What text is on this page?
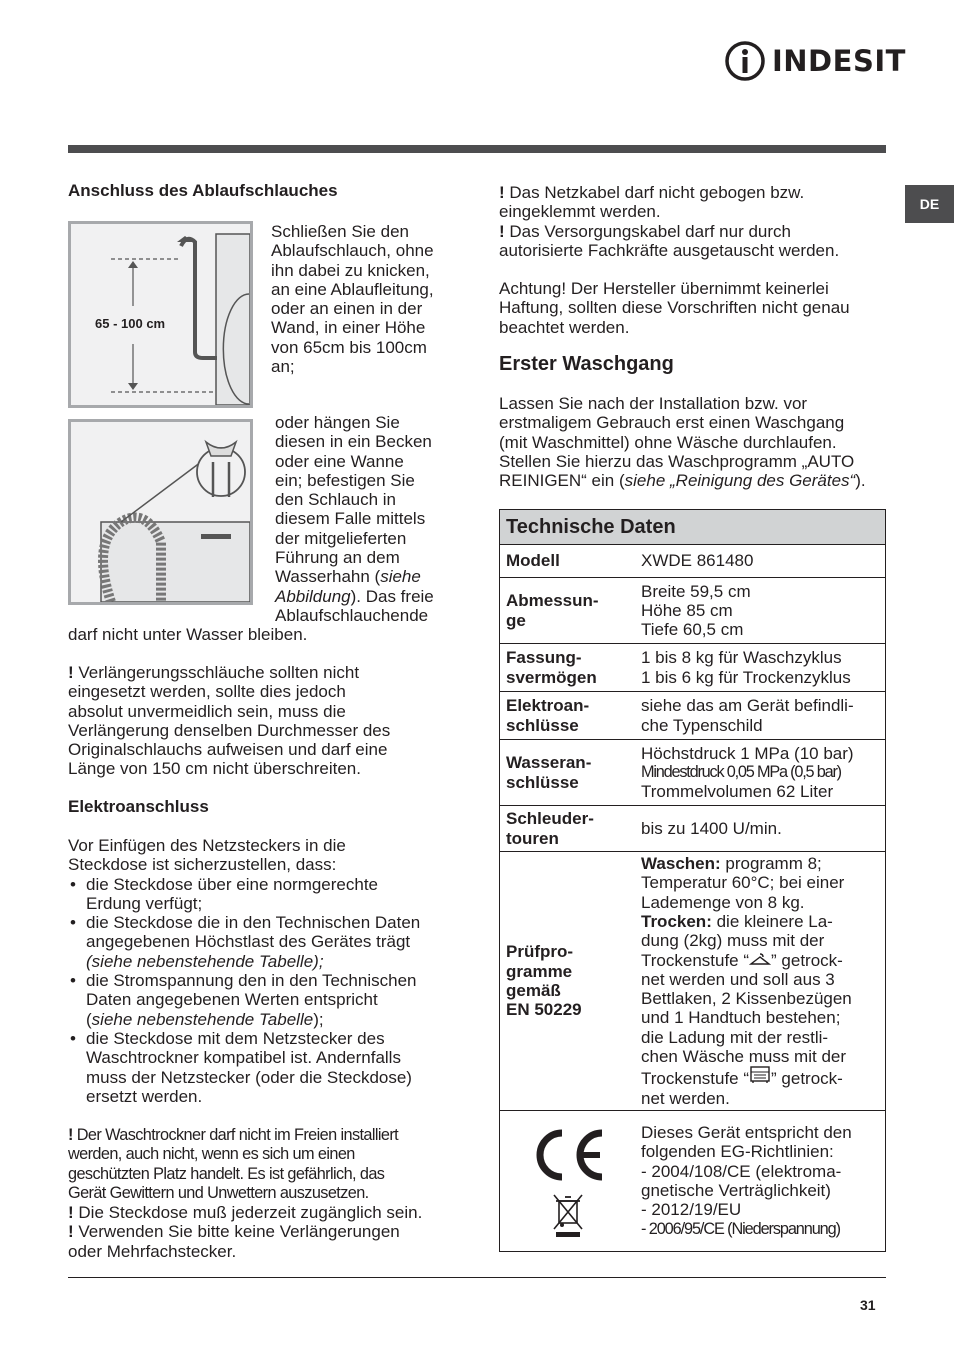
INDESIT
DE
Anschluss des Ablaufschlauches
65 - 100 cm
Schließen Sie den
Ablaufschlauch, ohne
ihn dabei zu knicken,
an eine Ablaufleitung,
oder an einen in der
Wand, in einer Höhe
von 65cm bis 100cm
an;
oder hängen Sie
diesen in ein Becken
oder eine Wanne
ein; befestigen Sie
den Schlauch in
diesem Falle mittels
der mitgelieferten
Führung an dem
Wasserhahn (siehe
Abbildung). Das freie
Ablaufschlauchende
darf nicht unter Wasser bleiben.
! Verlängerungsschläuche sollten nicht
eingesetzt werden, sollte dies jedoch
absolut unvermeidlich sein, muss die
Verlängerung denselben Durchmesser des
Originalschlauchs aufweisen und darf eine
Länge von 150 cm nicht überschreiten.
Elektroanschluss
Vor Einfügen des Netzsteckers in die
Steckdose ist sicherzustellen, dass:
• die Steckdose über eine normgerechte
Erdung verfügt;
• die Steckdose die in den Technischen Daten
angegebenen Höchstlast des Gerätes trägt
(siehe nebenstehende Tabelle);
• die Stromspannung den in den Technischen
Daten angegebenen Werten entspricht
(siehe nebenstehende Tabelle);
• die Steckdose mit dem Netzstecker des
Waschtrockner kompatibel ist. Andernfalls
muss der Netzstecker (oder die Steckdose)
ersetzt werden.
! Der Waschtrockner darf nicht im Freien installiert
werden, auch nicht, wenn es sich um einen
geschützten Platz handelt. Es ist gefährlich, das
Gerät Gewittern und Unwettern auszusetzen.
! Die Steckdose muß jederzeit zugänglich sein.
! Verwenden Sie bitte keine Verlängerungen
oder Mehrfachstecker.
! Das Netzkabel darf nicht gebogen bzw.
eingeklemmt werden.
! Das Versorgungskabel darf nur durch
autorisierte Fachkräfte ausgetauscht werden.
Achtung! Der Hersteller übernimmt keinerlei
Haftung, sollten diese Vorschriften nicht genau
beachtet werden.
Erster Waschgang
Lassen Sie nach der Installation bzw. vor
erstmaligem Gebrauch erst einen Waschgang
(mit Waschmittel) ohne Wäsche durchlaufen.
Stellen Sie hierzu das Waschprogramm „AUTO
REINIGEN“ ein (siehe „Reinigung des Gerätes“).
Technische Daten
Modell	XWDE 861480
Abmessun-
ge
Breite 59,5 cm
Höhe 85 cm
Tiefe 60,5 cm
Fassung-
svermögen
1 bis 8 kg für Waschzyklus
1 bis 6 kg für Trockenzyklus
Elektroan-
schlüsse
siehe das am Gerät befindli-
che Typenschild
Wasseran-
schlüsse
Höchstdruck 1 MPa (10 bar)
Mindestdruck 0,05 MPa (0,5 bar)
Trommelvolumen 62 Liter
Schleuder-
touren
bis zu 1400 U/min.
Prüfpro-
gramme
gemäß
EN 50229
Waschen: programm 8;
Temperatur 60°C; bei einer
Lademenge von 8 kg.
Trocken: die kleinere La-
dung (2kg) muss mit der
Trockenstufe “ ” getrock-
net werden und soll aus 3
Bettlaken, 2 Kissenbezügen
und 1 Handtuch bestehen;
die Ladung mit der restli-
chen Wäsche muss mit der
Trockenstufe “ ” getrock-
net werden.
Dieses Gerät entspricht den
folgenden EG-Richtlinien:
- 2004/108/CE (elektroma-
gnetische Verträglichkeit)
- 2012/19/EU
- 2006/95/CE (Niederspannung)
31
